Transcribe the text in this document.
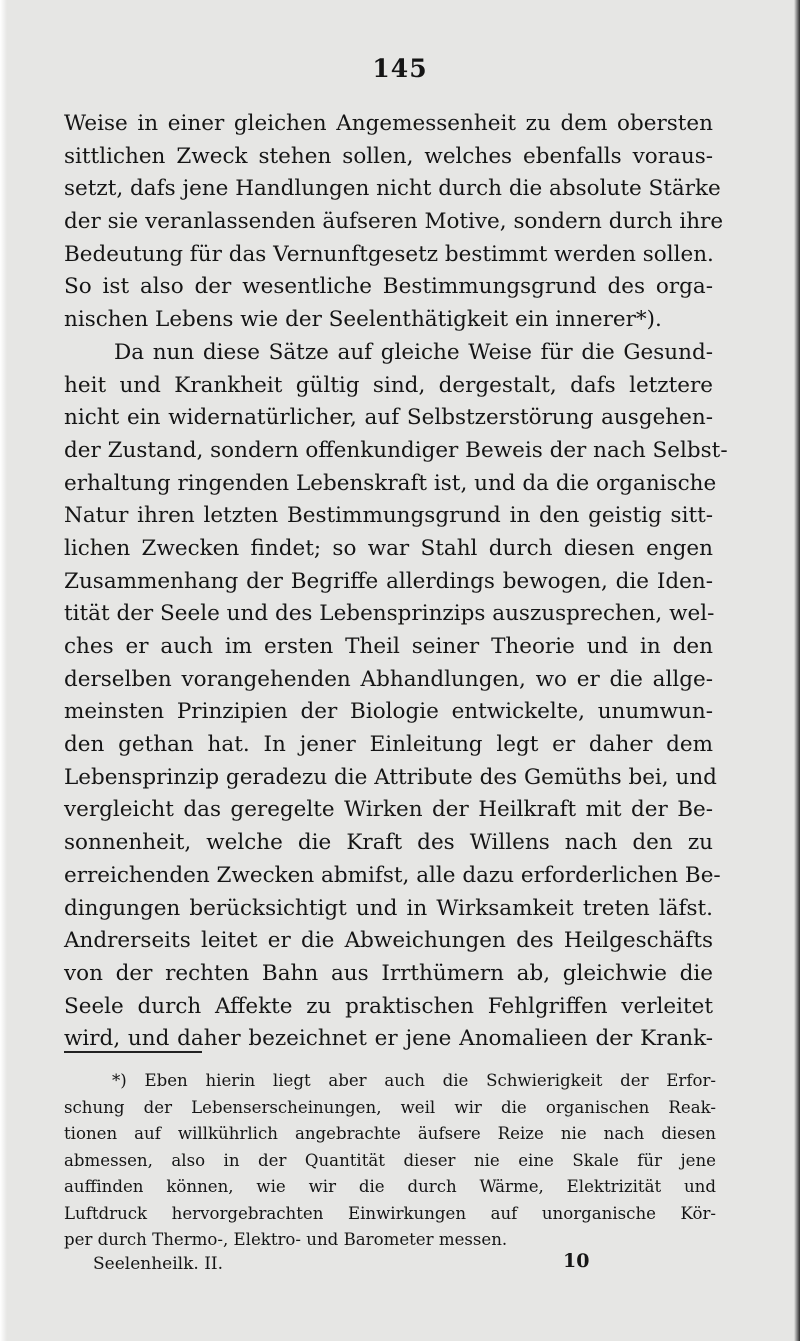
145
Weise in einer gleichen Angemessenheit zu dem obersten
sittlichen Zweck stehen sollen, welches ebenfalls voraus-
setzt, dafs jene Handlungen nicht durch die absolute Stärke
der sie veranlassenden äufseren Motive, sondern durch ihre
Bedeutung für das Vernunftgesetz bestimmt werden sollen.
So ist also der wesentliche Bestimmungsgrund des orga-
nischen Lebens wie der Seelenthätigkeit ein innerer*).
Da nun diese Sätze auf gleiche Weise für die Gesund-
heit und Krankheit gültig sind, dergestalt, dafs letztere
nicht ein widernatürlicher, auf Selbstzerstörung ausgehen-
der Zustand, sondern offenkundiger Beweis der nach Selbst-
erhaltung ringenden Lebenskraft ist, und da die organische
Natur ihren letzten Bestimmungsgrund in den geistig sitt-
lichen Zwecken findet; so war Stahl durch diesen engen
Zusammenhang der Begriffe allerdings bewogen, die Iden-
tität der Seele und des Lebensprinzips auszusprechen, wel-
ches er auch im ersten Theil seiner Theorie und in den
derselben vorangehenden Abhandlungen, wo er die allge-
meinsten Prinzipien der Biologie entwickelte, unumwun-
den gethan hat. In jener Einleitung legt er daher dem
Lebensprinzip geradezu die Attribute des Gemüths bei, und
vergleicht das geregelte Wirken der Heilkraft mit der Be-
sonnenheit, welche die Kraft des Willens nach den zu
erreichenden Zwecken abmifst, alle dazu erforderlichen Be-
dingungen berücksichtigt und in Wirksamkeit treten läfst.
Andrerseits leitet er die Abweichungen des Heilgeschäfts
von der rechten Bahn aus Irrthümern ab, gleichwie die
Seele durch Affekte zu praktischen Fehlgriffen verleitet
wird, und daher bezeichnet er jene Anomalieen der Krank-
*) Eben hierin liegt aber auch die Schwierigkeit der Erfor-
schung der Lebenserscheinungen, weil wir die organischen Reak-
tionen auf willkührlich angebrachte äufsere Reize nie nach diesen
abmessen, also in der Quantität dieser nie eine Skale für jene
auffinden können, wie wir die durch Wärme, Elektrizität und
Luftdruck hervorgebrachten Einwirkungen auf unorganische Kör-
per durch Thermo-, Elektro- und Barometer messen.
Seelenheilk. II.	10
